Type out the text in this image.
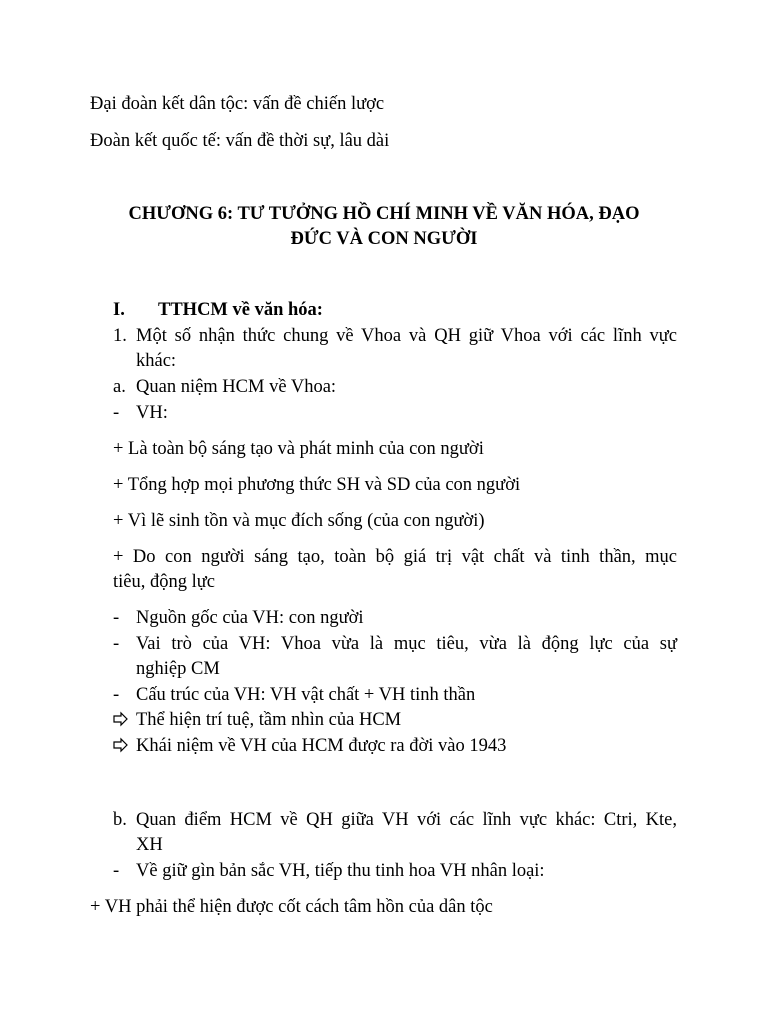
Đại đoàn kết dân tộc: vấn đề chiến lược
Đoàn kết quốc tế: vấn đề thời sự, lâu dài
CHƯƠNG 6: TƯ TƯỞNG HỒ CHÍ MINH VỀ VĂN HÓA, ĐẠO
ĐỨC VÀ CON NGƯỜI
I. TTHCM về văn hóa:
1. Một số nhận thức chung về Vhoa và QH giữ Vhoa với các lĩnh vực
khác:
a. Quan niệm HCM về Vhoa:
- VH:
+ Là toàn bộ sáng tạo và phát minh của con người
+ Tổng hợp mọi phương thức SH và SD của con người
+ Vì lẽ sinh tồn và mục đích sống (của con người)
+ Do con người sáng tạo, toàn bộ giá trị vật chất và tinh thần, mục
tiêu, động lực
- Nguồn gốc của VH: con người
- Vai trò của VH: Vhoa vừa là mục tiêu, vừa là động lực của sự
nghiệp CM
- Cấu trúc của VH: VH vật chất + VH tinh thần
Thể hiện trí tuệ, tầm nhìn của HCM
Khái niệm về VH của HCM được ra đời vào 1943
b. Quan điểm HCM về QH giữa VH với các lĩnh vực khác: Ctri, Kte,
XH
- Về giữ gìn bản sắc VH, tiếp thu tinh hoa VH nhân loại:
+ VH phải thể hiện được cốt cách tâm hồn của dân tộc
